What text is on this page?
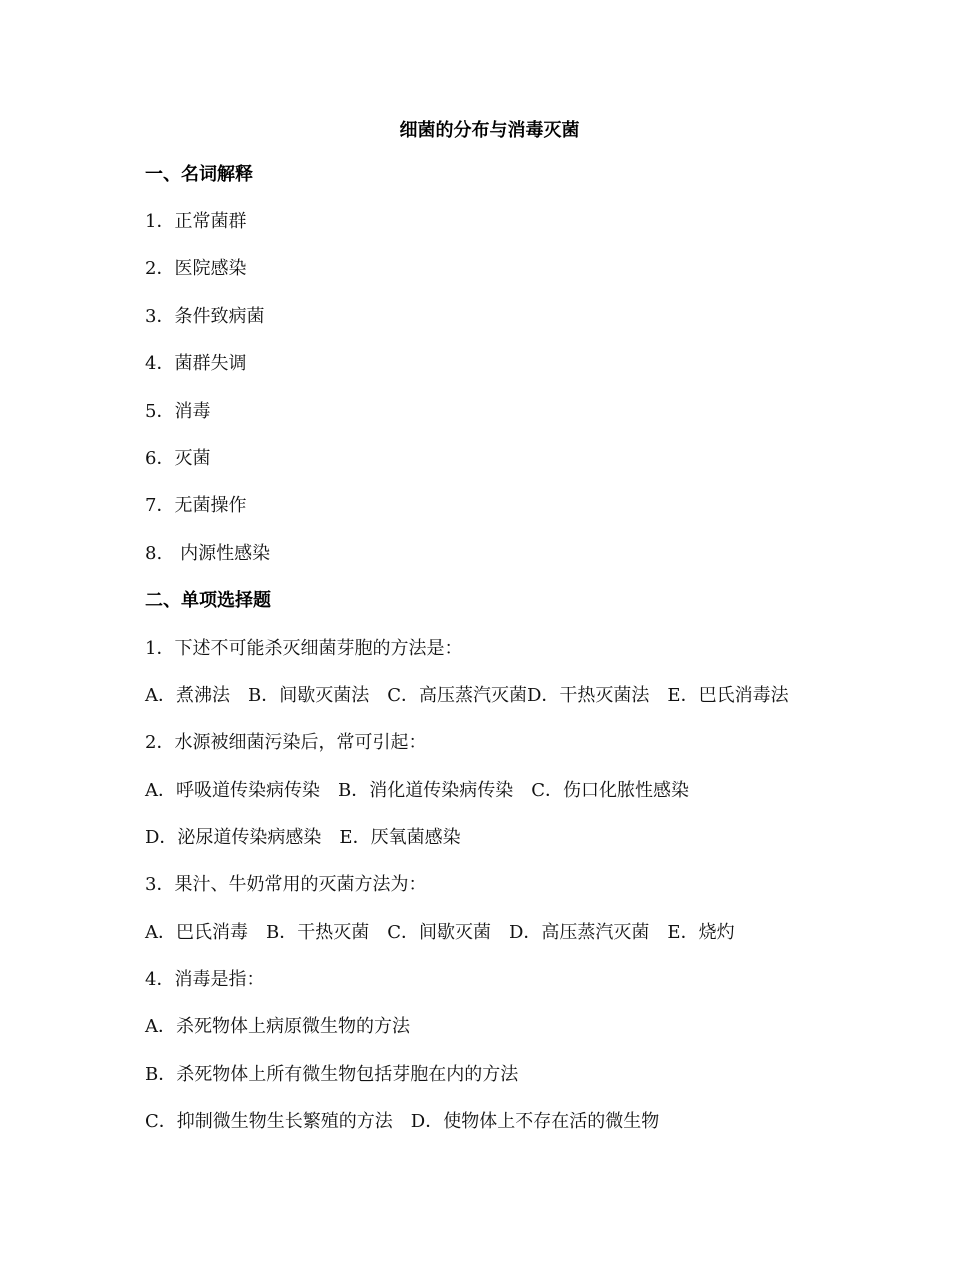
细菌的分布与消毒灭菌
一、名词解释
1．正常菌群
2．医院感染
3．条件致病菌
4．菌群失调
5．消毒
6．灭菌
7．无菌操作
8.　内源性感染
二、单项选择题
1．下述不可能杀灭细菌芽胞的方法是：
A．煮沸法　B．间歇灭菌法　C．高压蒸汽灭菌D．干热灭菌法　E．巴氏消毒法
2．水源被细菌污染后，常可引起：
A．呼吸道传染病传染　B．消化道传染病传染　C．伤口化脓性感染
D．泌尿道传染病感染　E．厌氧菌感染
3．果汁、牛奶常用的灭菌方法为：
A．巴氏消毒　B．干热灭菌　C．间歇灭菌　D．高压蒸汽灭菌　E．烧灼
4．消毒是指：
A．杀死物体上病原微生物的方法
B．杀死物体上所有微生物包括芽胞在内的方法
C．抑制微生物生长繁殖的方法　D．使物体上不存在活的微生物
